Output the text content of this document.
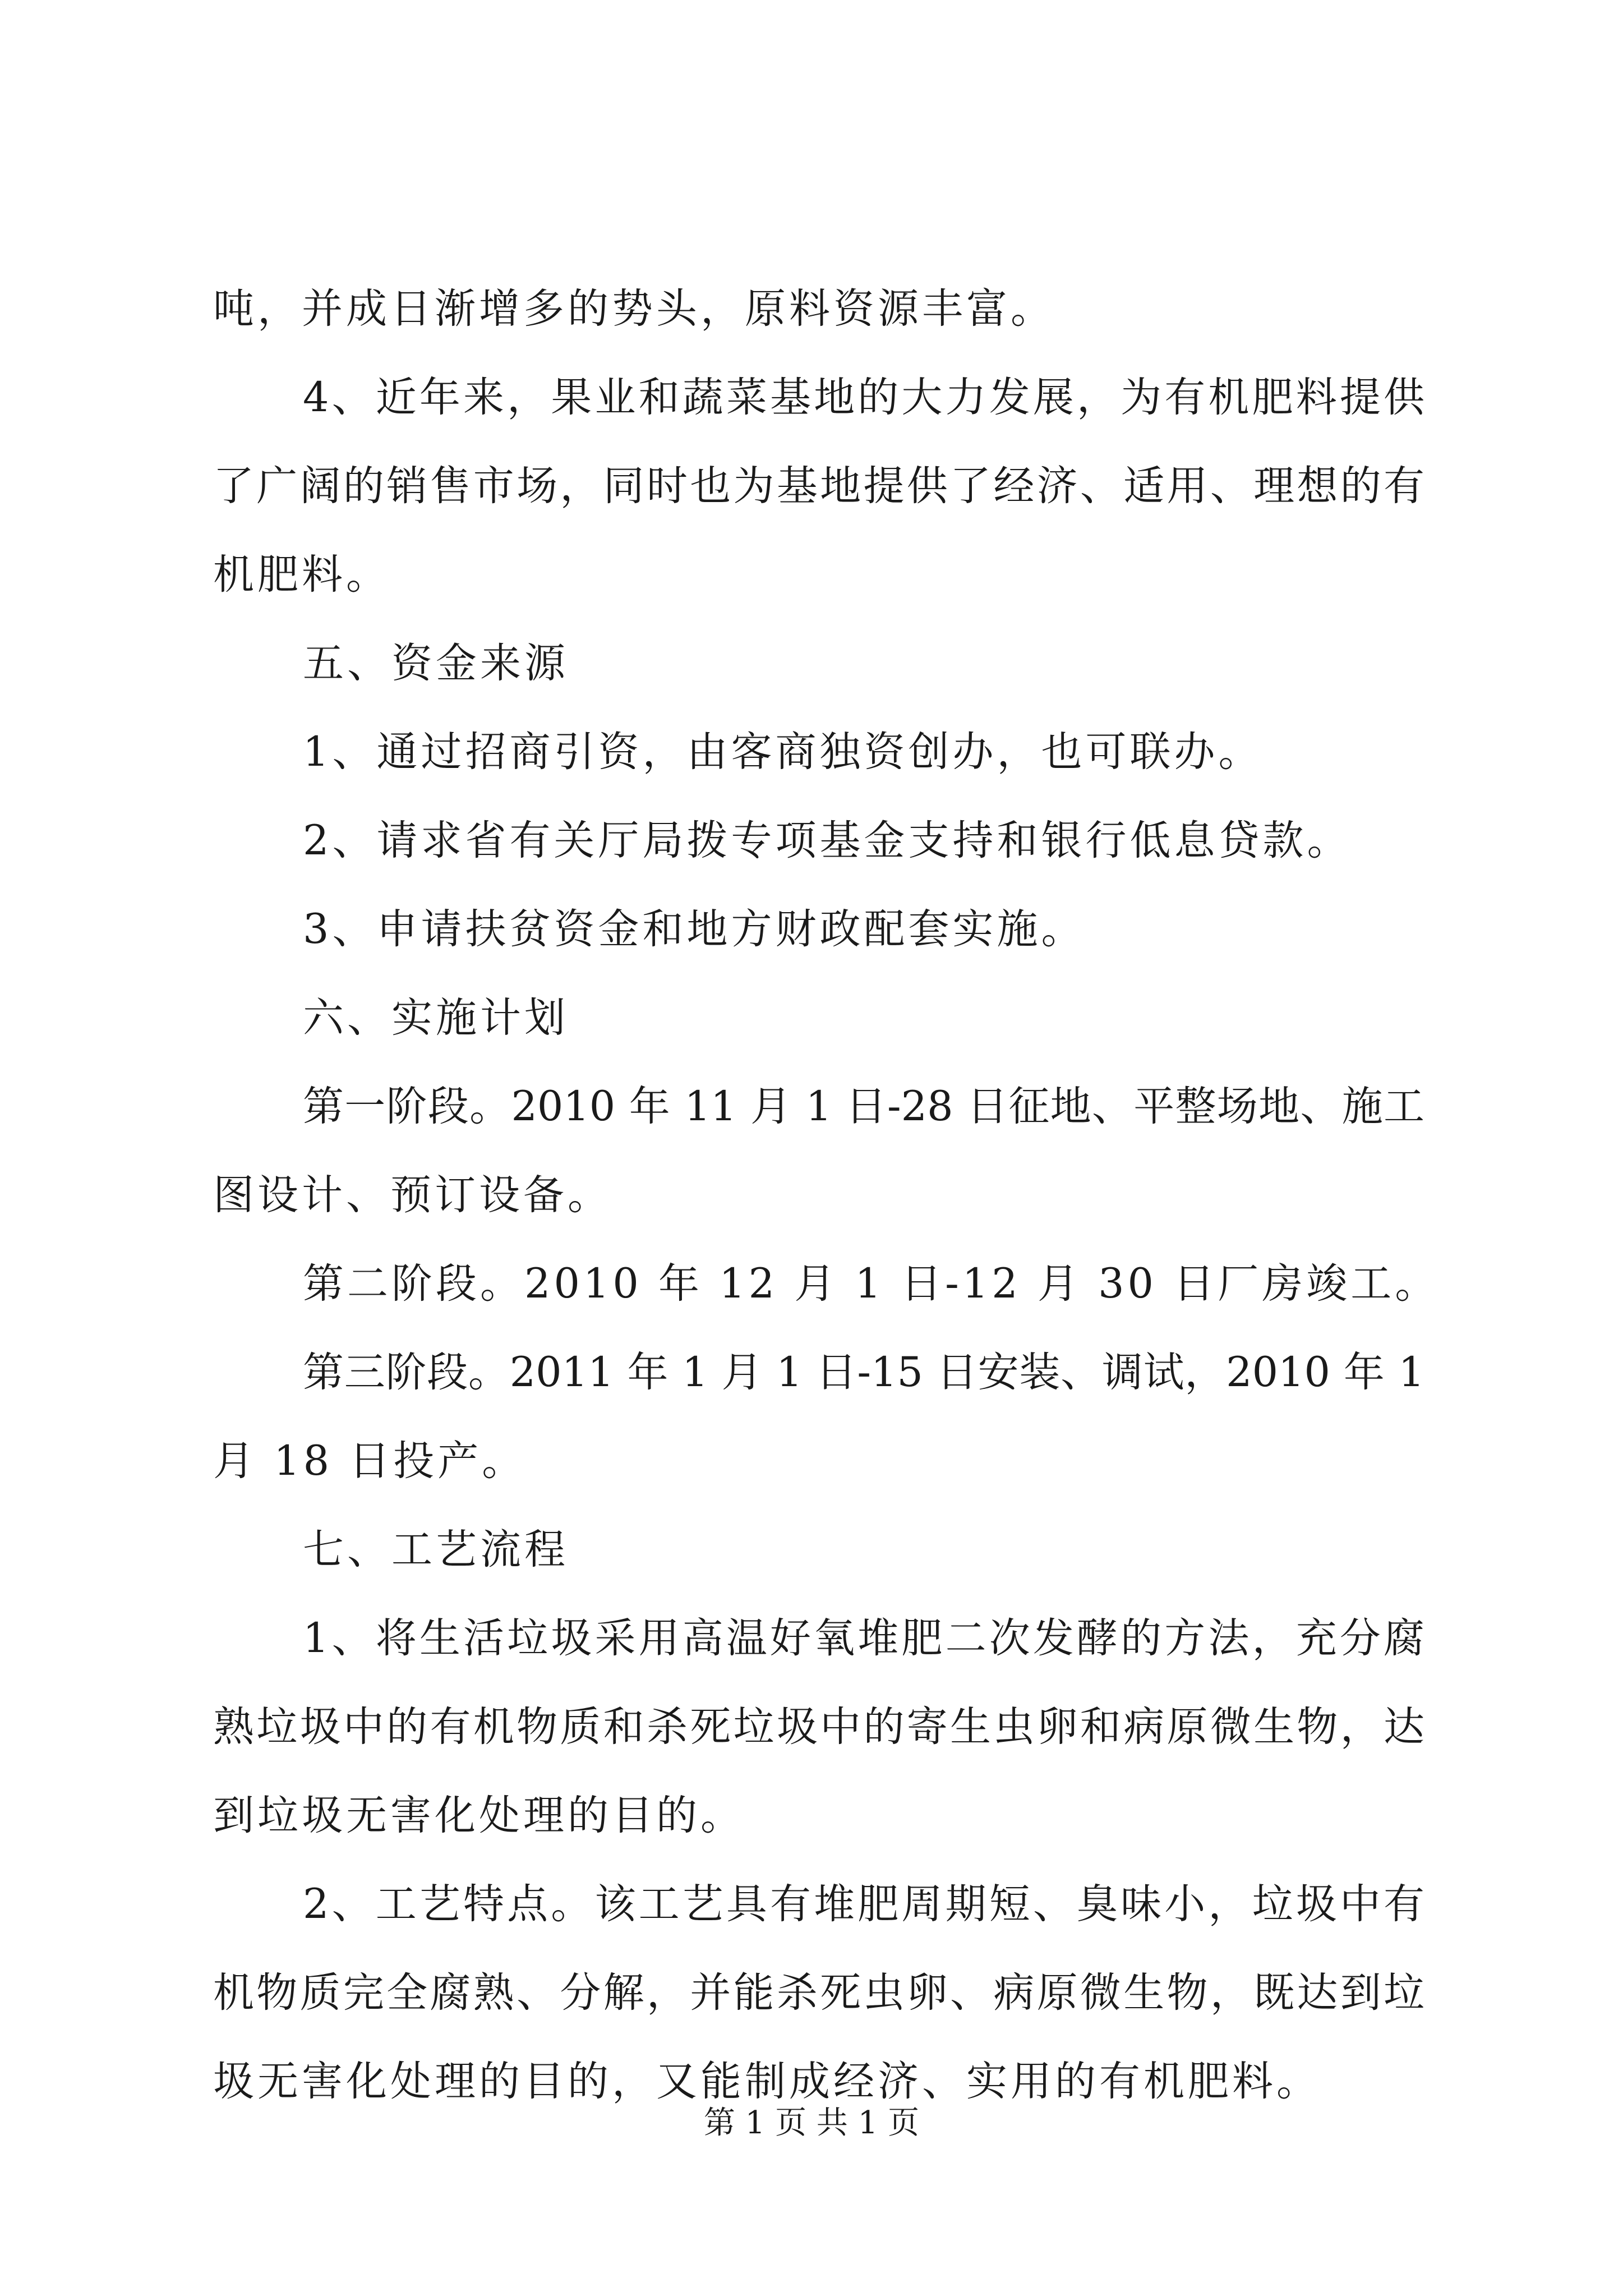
吨，并成日渐增多的势头，原料资源丰富。
4、近年来，果业和蔬菜基地的大力发展，为有机肥料提供
了广阔的销售市场，同时也为基地提供了经济、适用、理想的有
机肥料。
五、资金来源
1、通过招商引资，由客商独资创办，也可联办。
2、请求省有关厅局拨专项基金支持和银行低息贷款。
3、申请扶贫资金和地方财政配套实施。
六、实施计划
第一阶段。2010 年 11 月 1 日-28 日征地、平整场地、施工
图设计、预订设备。
第二阶段。2010 年 12 月 1 日-12 月 30 日厂房竣工。
第三阶段。2011 年 1 月 1 日-15 日安装、调试，2010 年 1
月 18 日投产。
七、工艺流程
1、将生活垃圾采用高温好氧堆肥二次发酵的方法，充分腐
熟垃圾中的有机物质和杀死垃圾中的寄生虫卵和病原微生物，达
到垃圾无害化处理的目的。
2、工艺特点。该工艺具有堆肥周期短、臭味小，垃圾中有
机物质完全腐熟、分解，并能杀死虫卵、病原微生物，既达到垃
圾无害化处理的目的，又能制成经济、实用的有机肥料。
第 1 页 共 1 页
